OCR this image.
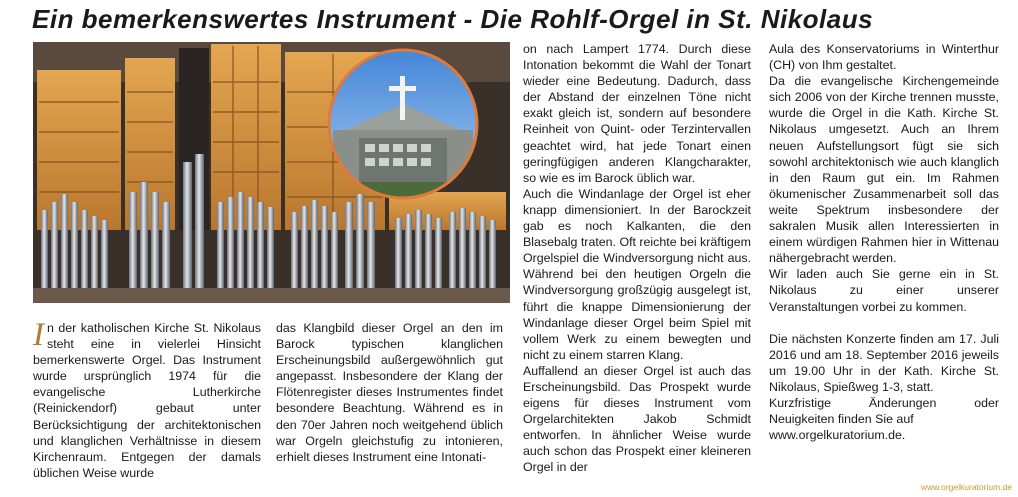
Ein bemerkenswertes Instrument - Die Rohlf-Orgel in St. Nikolaus

In der katholischen Kirche St. Nikolaus steht eine in vielerlei Hinsicht bemerkenswerte Orgel. Das Instrument wurde ursprünglich 1974 für die evangelische Lutherkirche (Reinickendorf) gebaut unter Berücksichtigung der architektonischen und klanglichen Verhältnisse in diesem Kirchenraum. Entgegen der damals üblichen Weise wurde

das Klangbild dieser Orgel an den im Barock typischen klanglichen Erscheinungsbild außergewöhnlich gut angepasst. Insbesondere der Klang der Flötenregister dieses Instrumentes findet besondere Beachtung. Während es in den 70er Jahren noch weitgehend üblich war Orgeln gleichstufig zu intonieren, erhielt dieses Instrument eine Intonati-

on nach Lampert 1774. Durch diese Intonation bekommt die Wahl der Tonart wieder eine Bedeutung. Dadurch, dass der Abstand der einzelnen Töne nicht exakt gleich ist, sondern auf besondere Reinheit von Quint- oder Terzintervallen geachtet wird, hat jede Tonart einen geringfügigen anderen Klangcharakter, so wie es im Barock üblich war.

Auch die Windanlage der Orgel ist eher knapp dimensioniert. In der Barockzeit gab es noch Kalkanten, die den Blasebalg traten. Oft reichte bei kräftigem Orgelspiel die Windversorgung nicht aus. Während bei den heutigen Orgeln die Windversorgung großzügig ausgelegt ist, führt die knappe Dimensionierung der Windanlage dieser Orgel beim Spiel mit vollem Werk zu einem bewegten und nicht zu einem starren Klang.

Auffallend an dieser Orgel ist auch das Erscheinungsbild. Das Prospekt wurde eigens für dieses Instrument vom Orgelarchitekten Jakob Schmidt entworfen. In ähnlicher Weise wurde auch schon das Prospekt einer kleineren Orgel in der

Aula des Konservatoriums in Winterthur (CH) von Ihm gestaltet.

Da die evangelische Kirchengemeinde sich 2006 von der Kirche trennen musste, wurde die Orgel in die Kath. Kirche St. Nikolaus umgesetzt. Auch an Ihrem neuen Aufstellungsort fügt sie sich sowohl architektonisch wie auch klanglich in den Raum gut ein. Im Rahmen ökumenischer Zusammenarbeit soll das weite Spektrum insbesondere der sakralen Musik allen Interessierten in einem würdigen Rahmen hier in Wittenau nähergebracht werden.

Wir laden auch Sie gerne ein in St. Nikolaus zu einer unserer Veranstaltungen vorbei zu kommen.

Die nächsten Konzerte finden am 17. Juli 2016 und am 18. September 2016 jeweils um 19.00 Uhr in der Kath. Kirche St. Nikolaus, Spießweg 1-3, statt.

Kurzfristige Änderungen oder Neuigkeiten finden Sie auf

www.orgelkuratorium.de.

www.orgelkuratorium.de
